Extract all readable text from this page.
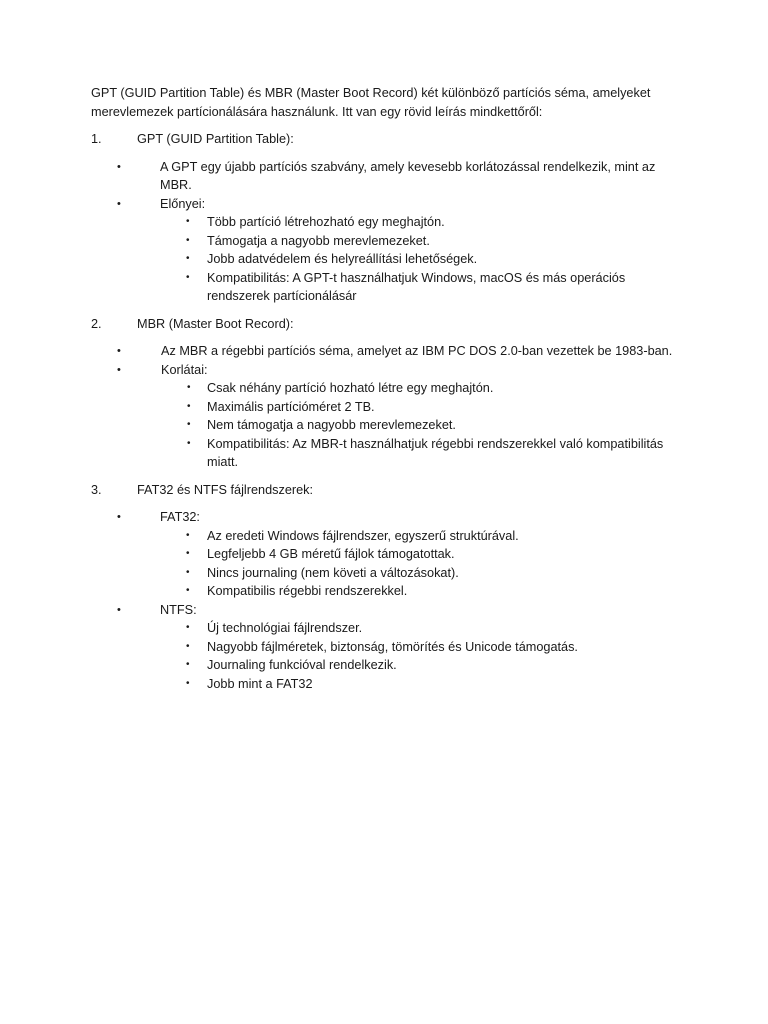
GPT (GUID Partition Table) és MBR (Master Boot Record) két különböző partíciós séma, amelyeket merevlemezek partícionálására használunk. Itt van egy rövid leírás mindkettőről:

1.	GPT (GUID Partition Table):
•	A GPT egy újabb partíciós szabvány, amely kevesebb korlátozással rendelkezik, mint az MBR.
•	Előnyei:
• Több partíció létrehozható egy meghajtón.
• Támogatja a nagyobb merevlemezeket.
• Jobb adatvédelem és helyreállítási lehetőségek.
• Kompatibilitás: A GPT-t használhatjuk Windows, macOS és más operációs rendszerek partícionálásár
2.	MBR (Master Boot Record):
•	Az MBR a régebbi partíciós séma, amelyet az IBM PC DOS 2.0-ban vezettek be 1983-ban.
•	Korlátai:
• Csak néhány partíció hozható létre egy meghajtón.
• Maximális partícióméret 2 TB.
• Nem támogatja a nagyobb merevlemezeket.
• Kompatibilitás: Az MBR-t használhatjuk régebbi rendszerekkel való kompatibilitás miatt.
3.	FAT32 és NTFS fájlrendszerek:
•	FAT32:
• Az eredeti Windows fájlrendszer, egyszerű struktúrával.
• Legfeljebb 4 GB méretű fájlok támogatottak.
• Nincs journaling (nem követi a változásokat).
• Kompatibilis régebbi rendszerekkel.
•	NTFS:
• Új technológiai fájlrendszer.
• Nagyobb fájlméretek, biztonság, tömörítés és Unicode támogatás.
• Journaling funkcióval rendelkezik.
• Jobb mint a FAT32
